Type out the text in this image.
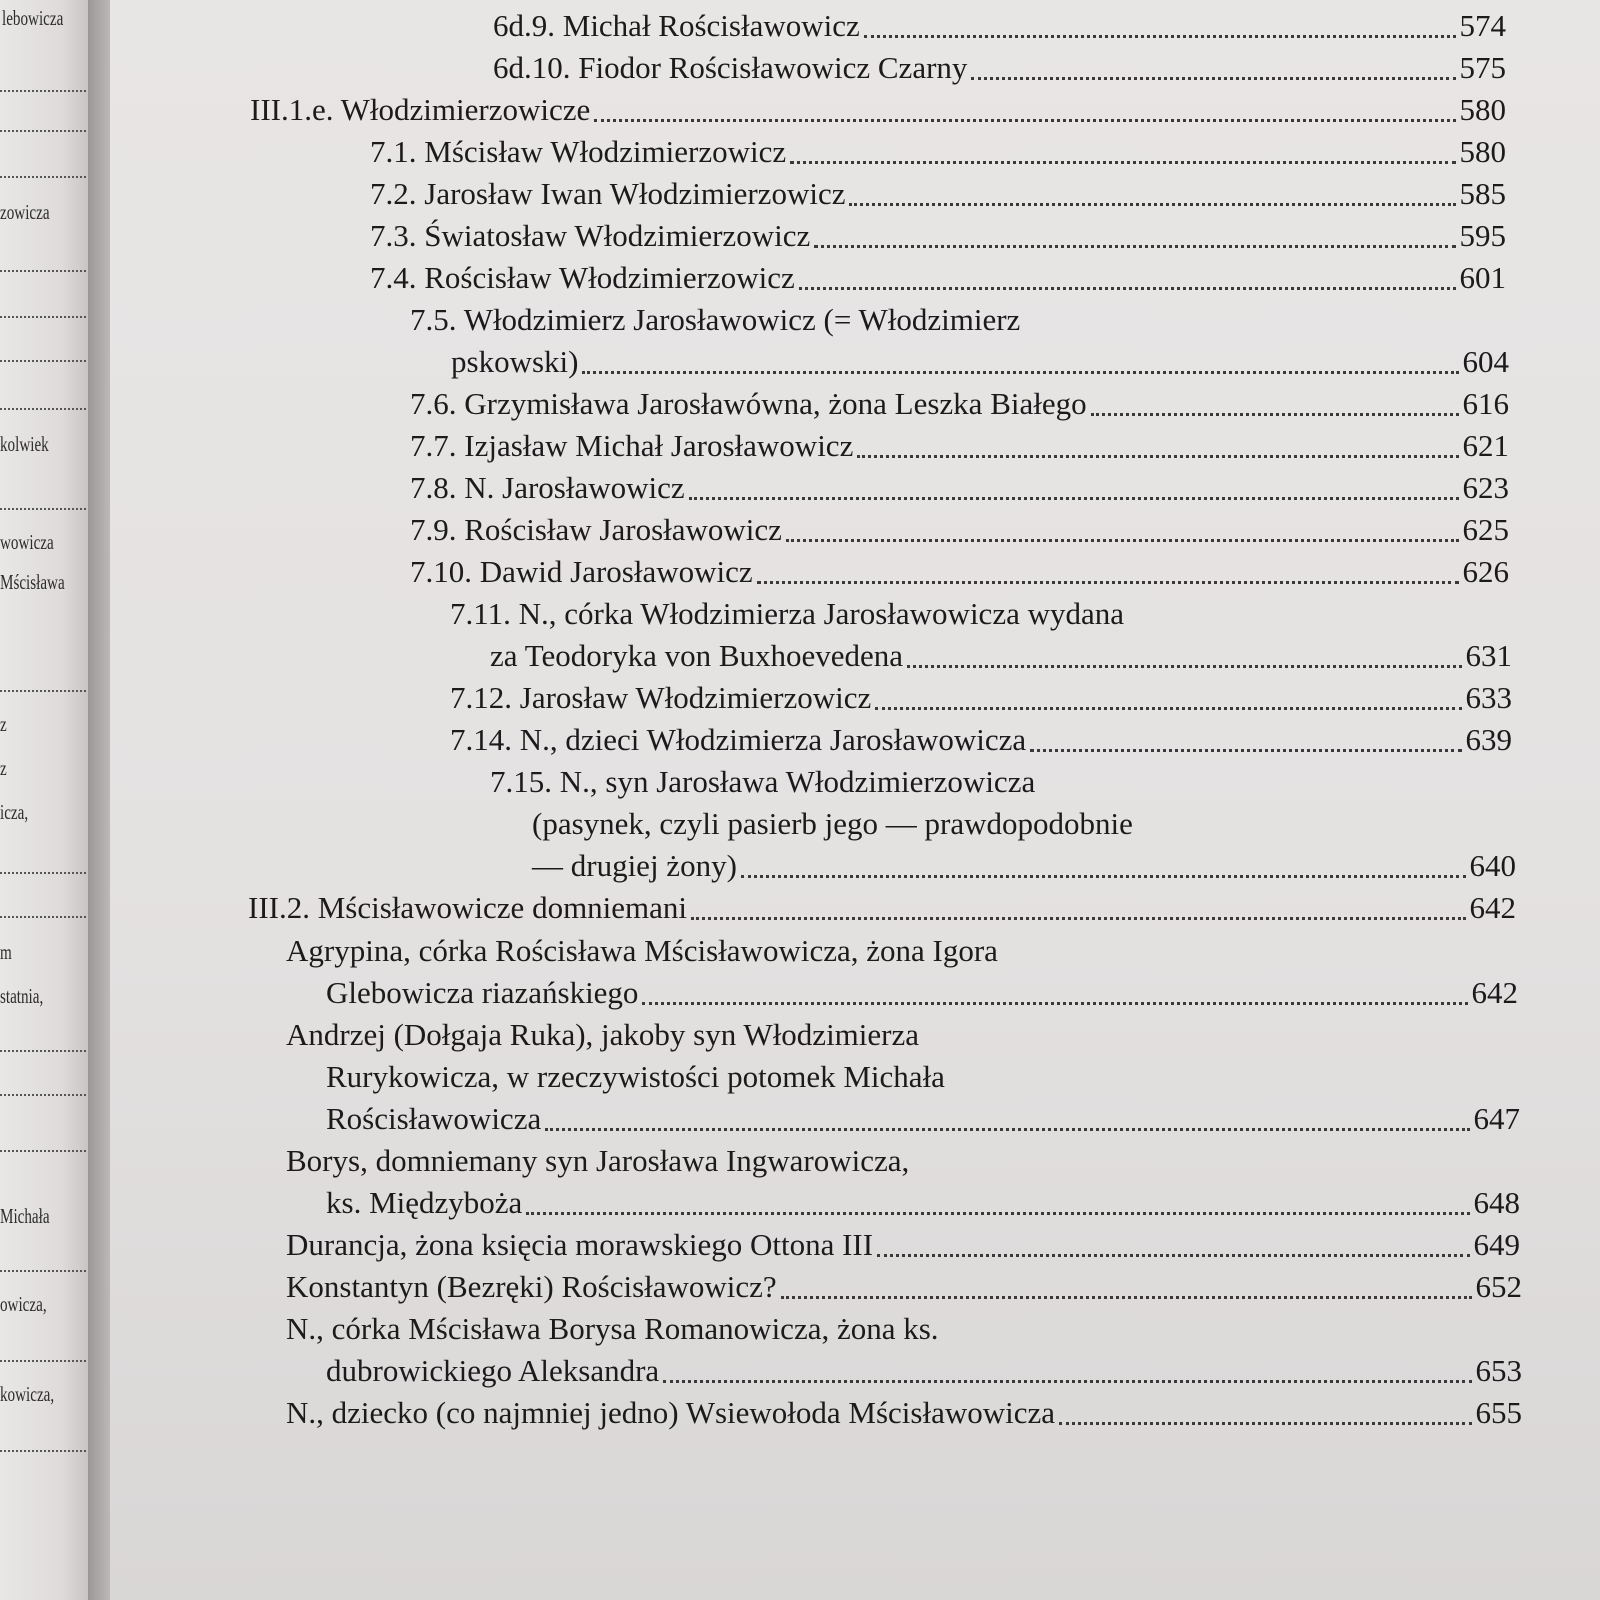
lebowicza
zowicza
kolwiek
wowicza
Mścisława
z
z
icza,
m
statnia,
Michała
owicza,
kowicza,
6d.9. Michał Rościsławowicz	574
6d.10. Fiodor Rościsławowicz Czarny	575
III.1.e. Włodzimierzowicze	580
7.1. Mścisław Włodzimierzowicz	580
7.2. Jarosław Iwan Włodzimierzowicz	585
7.3. Światosław Włodzimierzowicz	595
7.4. Rościsław Włodzimierzowicz	601
7.5. Włodzimierz Jarosławowicz (= Włodzimierz
pskowski)	604
7.6. Grzymisława Jarosławówna, żona Leszka Białego	616
7.7. Izjasław Michał Jarosławowicz	621
7.8. N. Jarosławowicz	623
7.9. Rościsław Jarosławowicz	625
7.10. Dawid Jarosławowicz	626
7.11. N., córka Włodzimierza Jarosławowicza wydana
za Teodoryka von Buxhoevedena	631
7.12. Jarosław Włodzimierzowicz	633
7.14. N., dzieci Włodzimierza Jarosławowicza	639
7.15. N., syn Jarosława Włodzimierzowicza
(pasynek, czyli pasierb jego — prawdopodobnie
— drugiej żony)	640
III.2. Mścisławowicze domniemani	642
Agrypina, córka Rościsława Mścisławowicza, żona Igora
Glebowicza riazańskiego	642
Andrzej (Dołgaja Ruka), jakoby syn Włodzimierza
Rurykowicza, w rzeczywistości potomek Michała
Rościsławowicza	647
Borys, domniemany syn Jarosława Ingwarowicza,
ks. Międzyboża	648
Durancja, żona księcia morawskiego Ottona III	649
Konstantyn (Bezręki) Rościsławowicz?	652
N., córka Mścisława Borysa Romanowicza, żona ks.
dubrowickiego Aleksandra	653
N., dziecko (co najmniej jedno) Wsiewołoda Mścisławowicza	655
